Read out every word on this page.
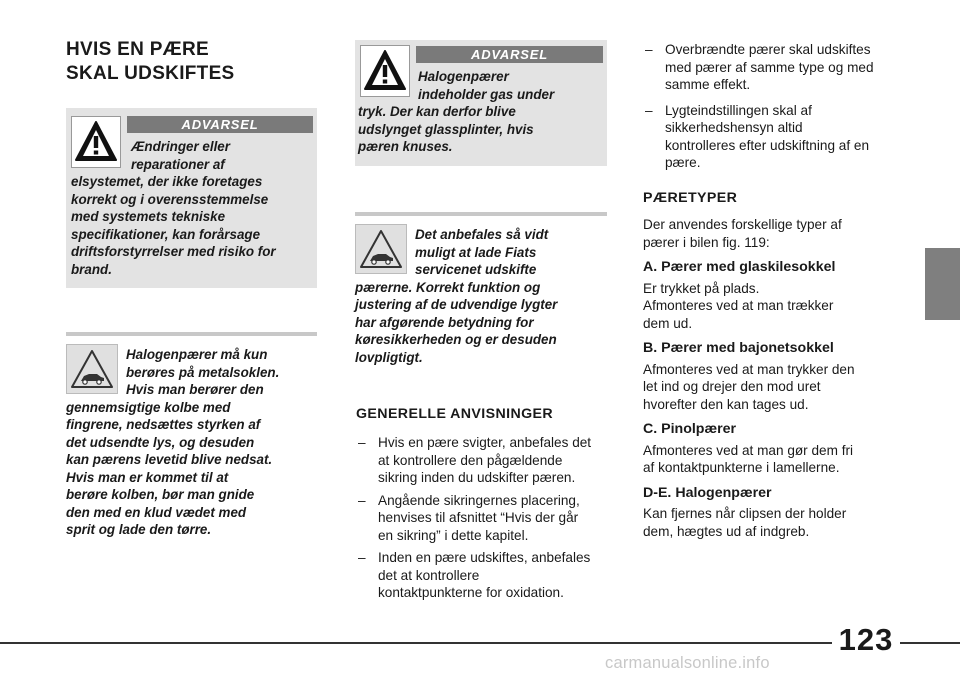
HVIS EN PÆRE
SKAL UDSKIFTES
ADVARSEL
Ændringer eller
reparationer af
elsystemet, der ikke foretages
korrekt og i overensstemmelse
med systemets tekniske
specifikationer, kan forårsage
driftsforstyrrelser med risiko for
brand.
Halogenpærer må kun
berøres på metalsoklen.
Hvis man berører den
gennemsigtige kolbe med
fingrene, nedsættes styrken af
det udsendte lys, og desuden
kan pærens levetid blive nedsat.
Hvis man er kommet til at
berøre kolben, bør man gnide
den med en klud vædet med
sprit og lade den tørre.
ADVARSEL
Halogenpærer
indeholder gas under
tryk. Der kan derfor blive
udslynget glassplinter, hvis
pæren knuses.
Det anbefales så vidt
muligt at lade Fiats
servicenet udskifte
pærerne. Korrekt funktion og
justering af de udvendige lygter
har afgørende betydning for
køresikkerheden og er desuden
lovpligtigt.
GENERELLE ANVISNINGER
– Hvis en pære svigter, anbefales det
at kontrollere den pågældende
sikring inden du udskifter pæren.
– Angående sikringernes placering,
henvises til afsnittet “Hvis der går
en sikring” i dette kapitel.
– Inden en pære udskiftes, anbefales
det at kontrollere
kontaktpunkterne for oxidation.
– Overbrændte pærer skal udskiftes
med pærer af samme type og med
samme effekt.
– Lygteindstillingen skal af
sikkerhedshensyn altid
kontrolleres efter udskiftning af en
pære.
PÆRETYPER
Der anvendes forskellige typer af
pærer i bilen fig. 119:
A. Pærer med glaskilesokkel
Er trykket på plads.
Afmonteres ved at man trækker
dem ud.
B. Pærer med bajonetsokkel
Afmonteres ved at man trykker den
let ind og drejer den mod uret
hvorefter den kan tages ud.
C. Pinolpærer
Afmonteres ved at man gør dem fri
af kontaktpunkterne i lamellerne.
D-E. Halogenpærer
Kan fjernes når clipsen der holder
dem, hægtes ud af indgreb.
123
carmanualsonline.info
